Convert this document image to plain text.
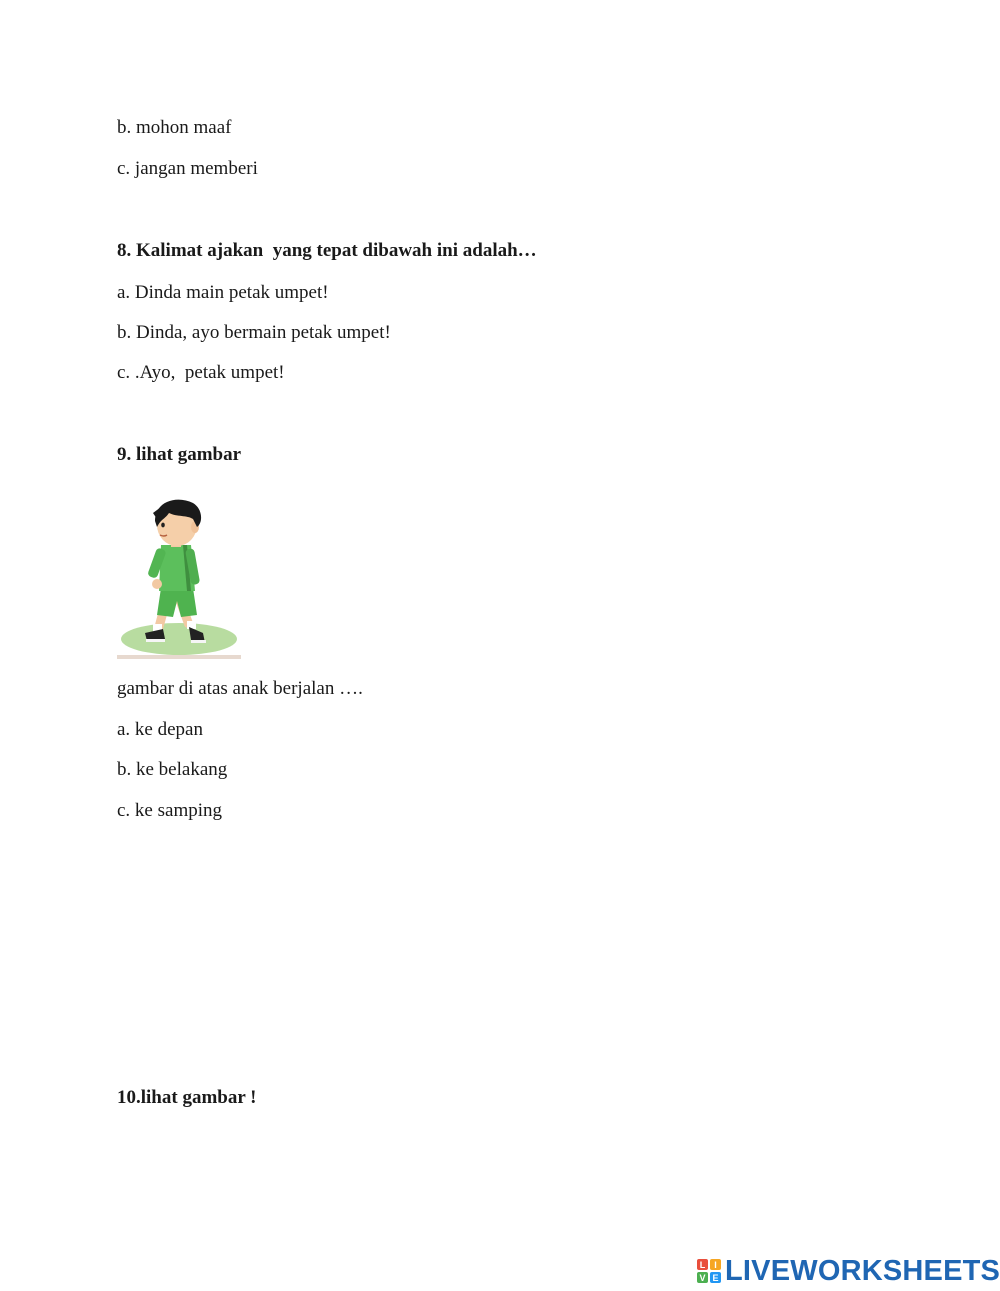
b. mohon maaf
c. jangan memberi
8. Kalimat ajakan  yang tepat dibawah ini adalah…
a. Dinda main petak umpet!
b. Dinda, ayo bermain petak umpet!
c. .Ayo,  petak umpet!
9. lihat gambar
gambar di atas anak berjalan ….
a. ke depan
b. ke belakang
c. ke samping
10.lihat gambar !
L I
V E LIVEWORKSHEETS
